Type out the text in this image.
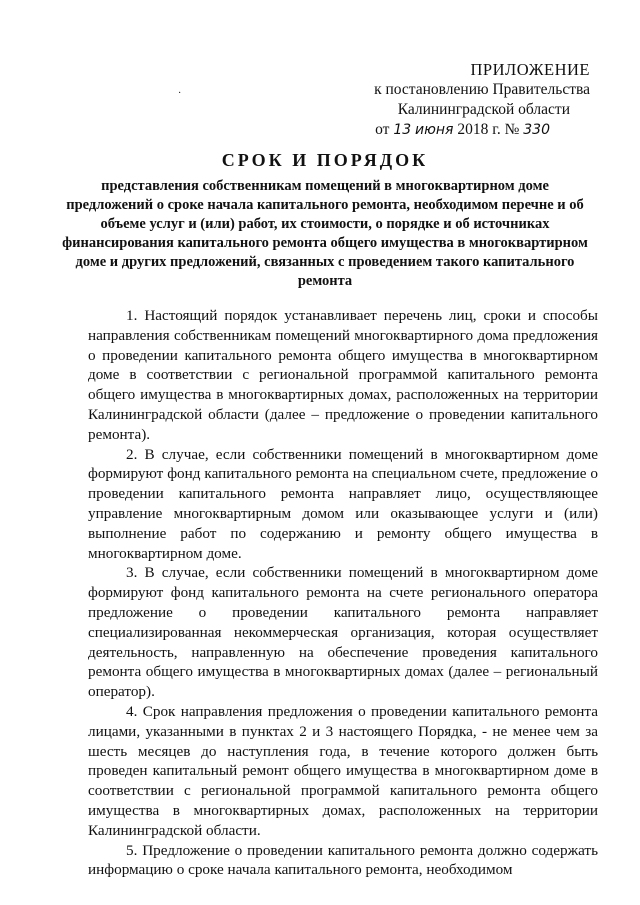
·
ПРИЛОЖЕНИЕ
к постановлению Правительства
Калининградской области
от 13 июня 2018 г. № 330
СРОК И ПОРЯДОК
представления собственникам помещений в многоквартирном доме предложений о сроке начала капитального ремонта, необходимом перечне и об объеме услуг и (или) работ, их стоимости, о порядке и об источниках финансирования капитального ремонта общего имущества в многоквартирном доме и других предложений, связанных с проведением такого капитального ремонта

1. Настоящий порядок устанавливает перечень лиц, сроки и способы направления собственникам помещений многоквартирного дома предложения о проведении капитального ремонта общего имущества в многоквартирном доме в соответствии с региональной программой капитального ремонта общего имущества в многоквартирных домах, расположенных на территории Калининградской области (далее – предложение о проведении капитального ремонта).

2. В случае, если собственники помещений в многоквартирном доме формируют фонд капитального ремонта на специальном счете, предложение о проведении капитального ремонта направляет лицо, осуществляющее управление многоквартирным домом или оказывающее услуги и (или) выполнение работ по содержанию и ремонту общего имущества в многоквартирном доме.

3. В случае, если собственники помещений в многоквартирном доме формируют фонд капитального ремонта на счете регионального оператора предложение о проведении капитального ремонта направляет специализированная некоммерческая организация, которая осуществляет деятельность, направленную на обеспечение проведения капитального ремонта общего имущества в многоквартирных домах (далее – региональный оператор).

4. Срок направления предложения о проведении капитального ремонта лицами, указанными в пунктах 2 и 3 настоящего Порядка, - не менее чем за шесть месяцев до наступления года, в течение которого должен быть проведен капитальный ремонт общего имущества в многоквартирном доме в соответствии с региональной программой капитального ремонта общего имущества в многоквартирных домах, расположенных на территории Калининградской области.

5. Предложение о проведении капитального ремонта должно содержать информацию о сроке начала капитального ремонта, необходимом
